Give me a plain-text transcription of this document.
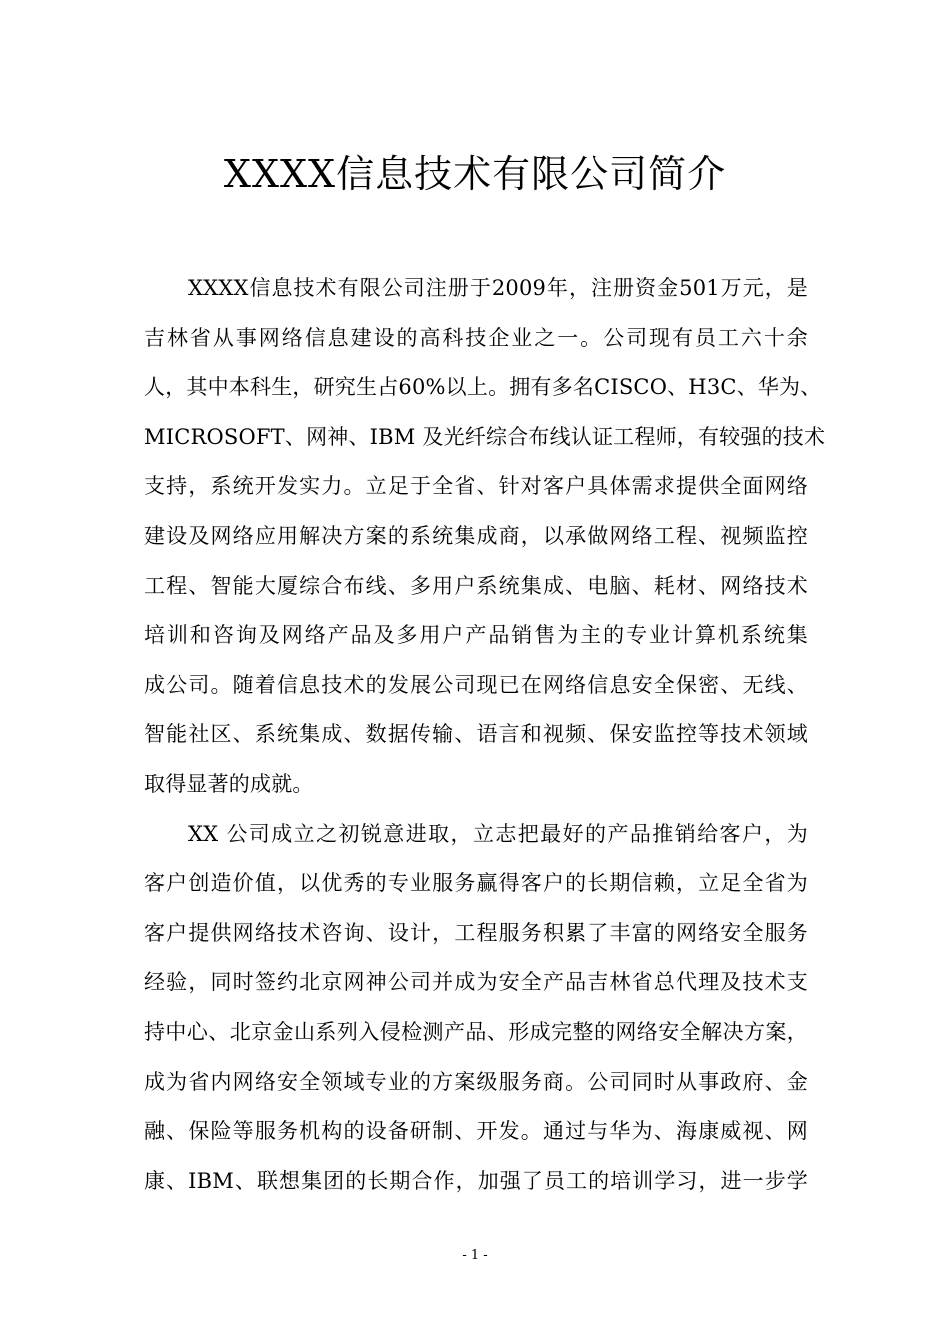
XXXX信息技术有限公司简介

XXXX信息技术有限公司注册于2009年，注册资金501万元，是
吉林省从事网络信息建设的高科技企业之一。公司现有员工六十余
人，其中本科生，研究生占60%以上。拥有多名CISCO、H3C、华为、
MICROSOFT、网神、IBM 及光纤综合布线认证工程师，有较强的技术
支持，系统开发实力。立足于全省、针对客户具体需求提供全面网络
建设及网络应用解决方案的系统集成商，以承做网络工程、视频监控
工程、智能大厦综合布线、多用户系统集成、电脑、耗材、网络技术
培训和咨询及网络产品及多用户产品销售为主的专业计算机系统集
成公司。随着信息技术的发展公司现已在网络信息安全保密、无线、
智能社区、系统集成、数据传输、语言和视频、保安监控等技术领域
取得显著的成就。

XX 公司成立之初锐意进取，立志把最好的产品推销给客户，为
客户创造价值，以优秀的专业服务赢得客户的长期信赖，立足全省为
客户提供网络技术咨询、设计，工程服务积累了丰富的网络安全服务
经验，同时签约北京网神公司并成为安全产品吉林省总代理及技术支
持中心、北京金山系列入侵检测产品、形成完整的网络安全解决方案，
成为省内网络安全领域专业的方案级服务商。公司同时从事政府、金
融、保险等服务机构的设备研制、开发。通过与华为、海康威视、网
康、IBM、联想集团的长期合作，加强了员工的培训学习，进一步学

- 1 -
